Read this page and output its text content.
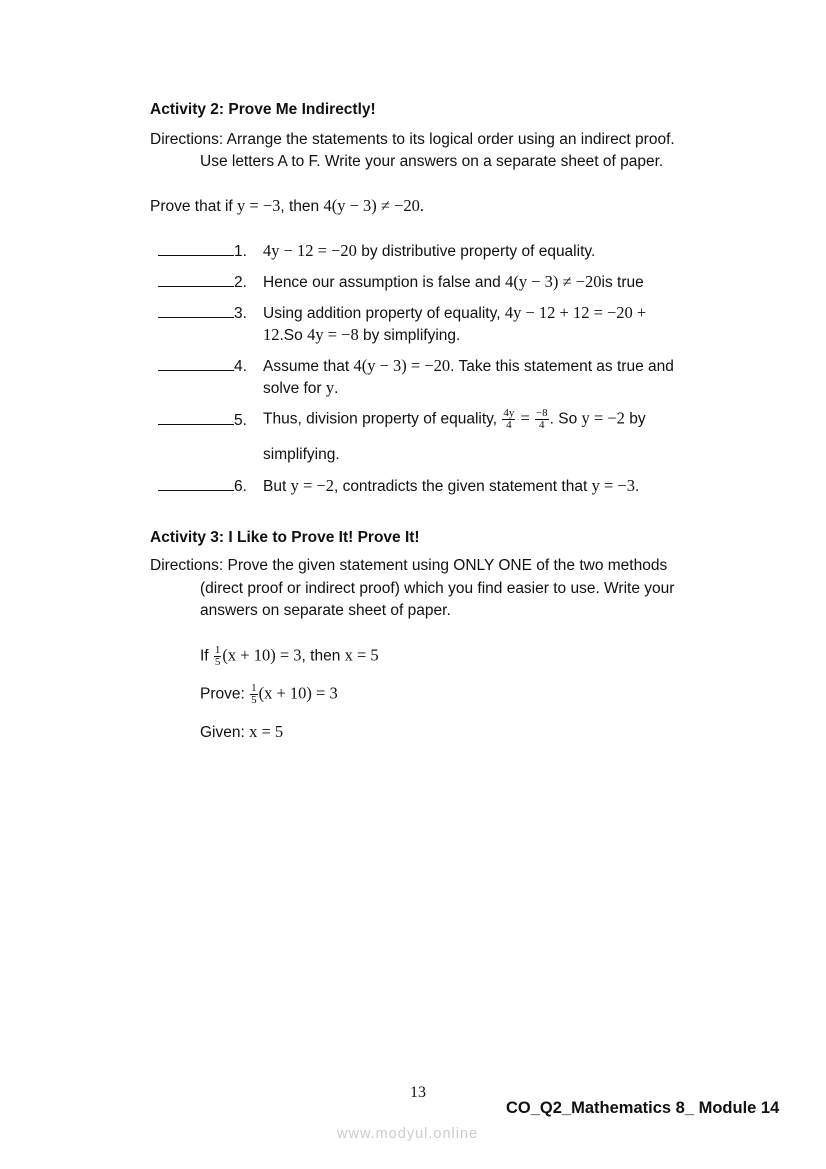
Activity 2: Prove Me Indirectly!
Directions: Arrange the statements to its logical order using an indirect proof.
Use letters A to F. Write your answers on a separate sheet of paper.
Prove that if y = −3, then 4(y − 3) ≠ −20.
1. 4y − 12 = −20 by distributive property of equality.
2.	Hence our assumption is false and 4(y − 3) ≠ −20is true
3.	Using addition property of equality, 4y − 12 + 12 = −20 +
12.So 4y = −8 by simplifying.
4.	Assume that 4(y − 3) = −20. Take this statement as true and
solve for y.
5.	Thus, division property of equality, $\frac{4y}{4} = \frac{-8}{4}$ . So y = −2 by
simplifying.
6.	But y = −2, contradicts the given statement that y = −3.
Activity 3: I Like to Prove It! Prove It!
Directions: Prove the given statement using ONLY ONE of the two methods
(direct proof or indirect proof) which you find easier to use. Write your
answers on separate sheet of paper.
If $\frac{1}{5} (x + 10) = 3$, then x = 5
Prove: $\frac{1}{5} (x + 10) = 3$
Given: x = 5
13
CO_Q2_Mathematics 8_ Module 14
www.modyul.online
